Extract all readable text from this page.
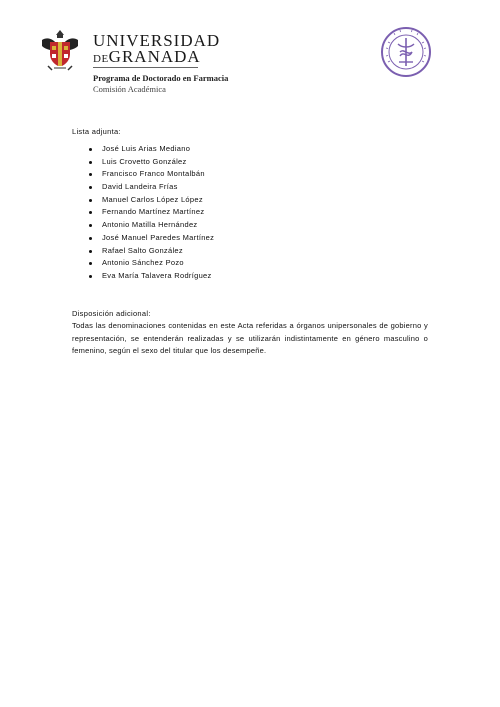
UNIVERSIDAD
DEGRANADA
Programa de Doctorado en Farmacia
Comisión Académica
Lista adjunta:
José Luis Arias Mediano
Luis Crovetto González
Francisco Franco Montalbán
David Landeira Frías
Manuel Carlos López López
Fernando Martínez Martínez
Antonio Matilla Hernández
José Manuel Paredes Martínez
Rafael Salto González
Antonio Sánchez Pozo
Eva María Talavera Rodríguez
Disposición adicional:
Todas las denominaciones contenidas en este Acta referidas a órganos unipersonales de gobierno y representación, se entenderán realizadas y se utilizarán indistintamente en género masculino o femenino, según el sexo del titular que los desempeñe.
